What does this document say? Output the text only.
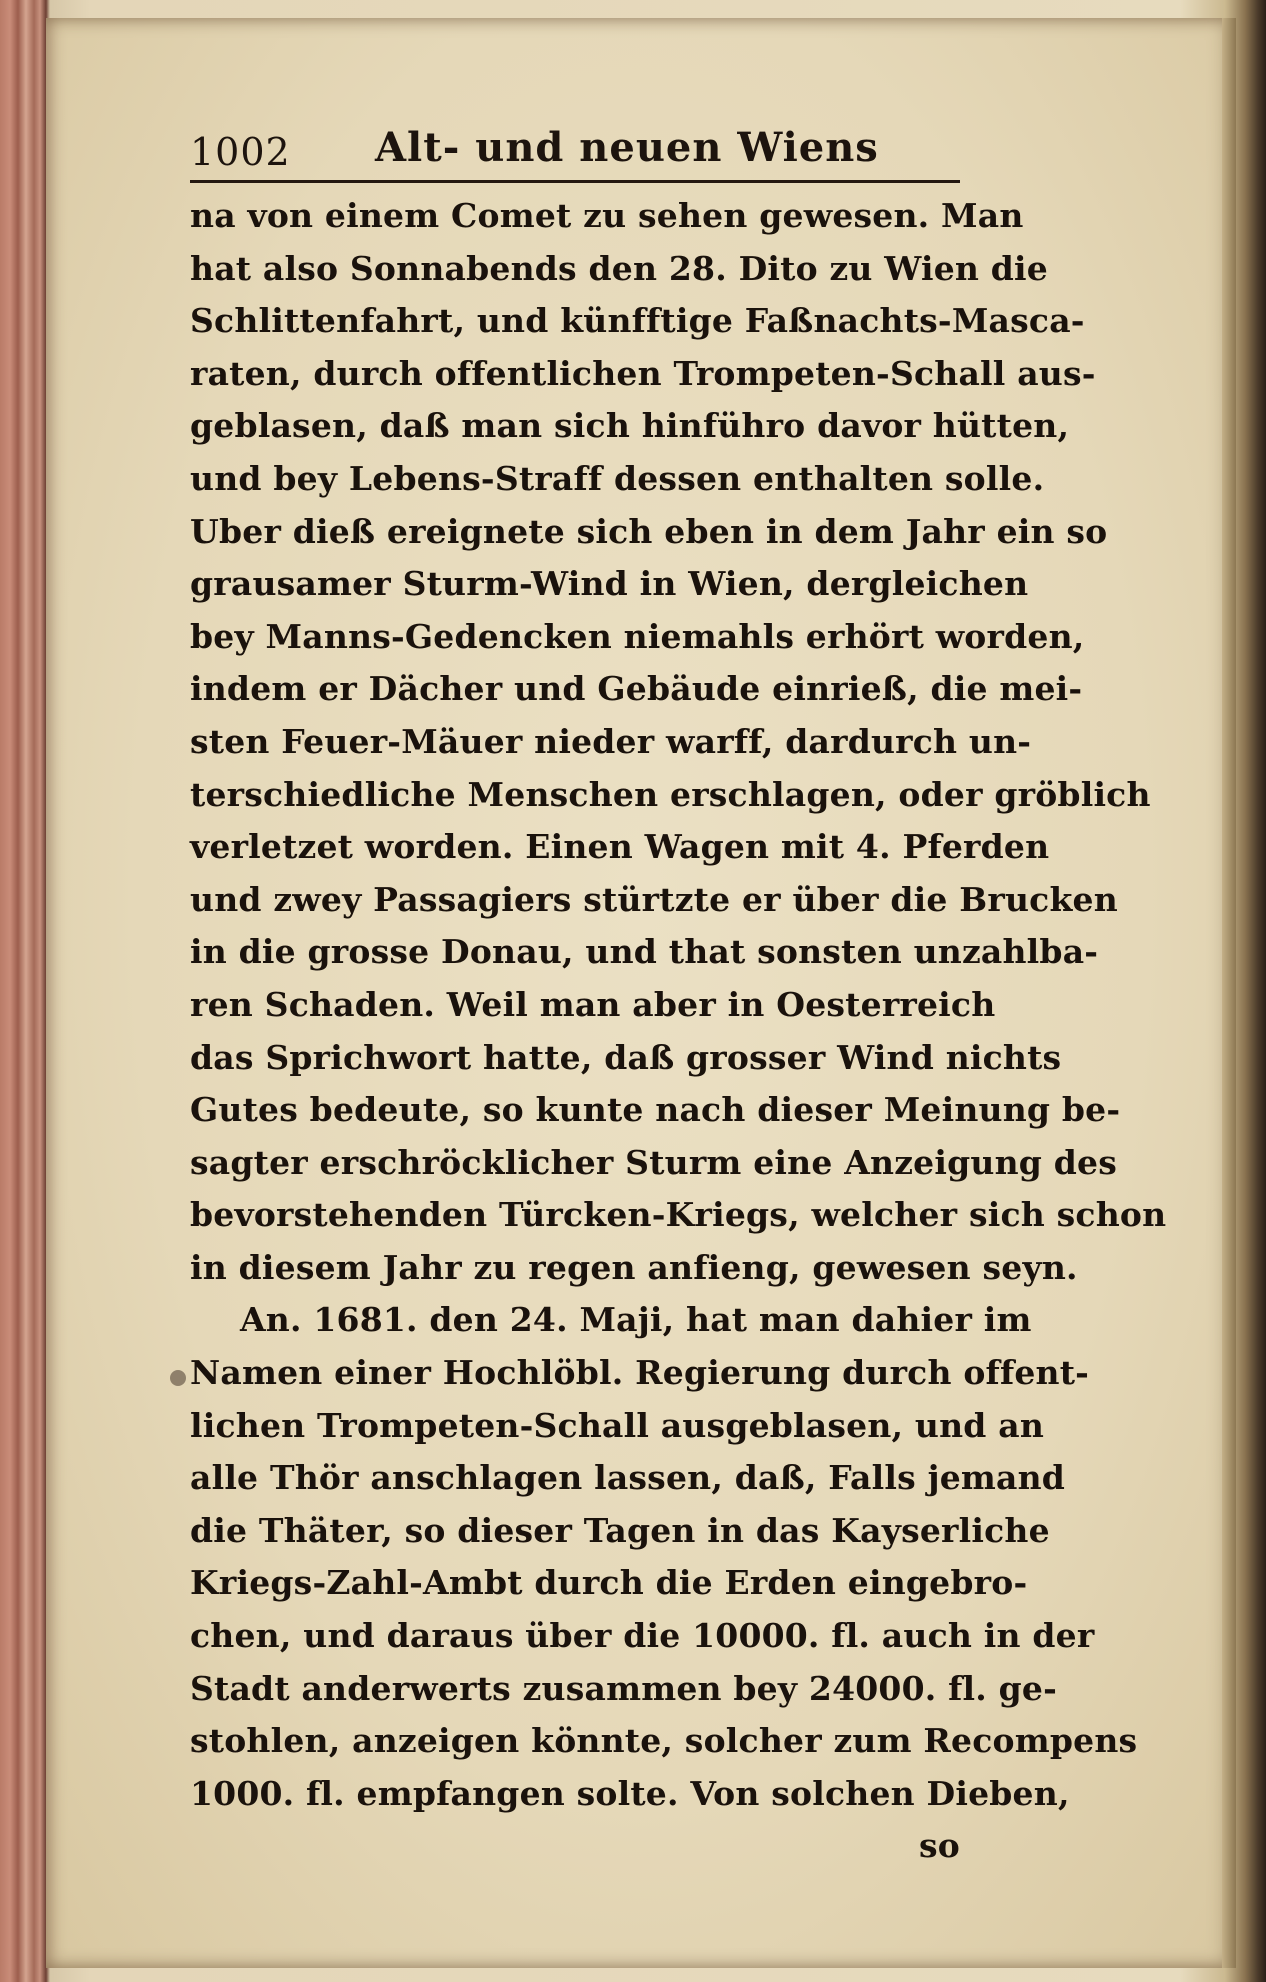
1002 Alt- und neuen Wiens
na von einem Comet zu sehen gewesen. Man
hat also Sonnabends den 28. Dito zu Wien die
Schlittenfahrt, und künfftige Faßnachts-Masca-
raten, durch offentlichen Trompeten-Schall aus-
geblasen, daß man sich hinführo davor hütten,
und bey Lebens-Straff dessen enthalten solle.
Uber dieß ereignete sich eben in dem Jahr ein so
grausamer Sturm-Wind in Wien, dergleichen
bey Manns-Gedencken niemahls erhört worden,
indem er Dächer und Gebäude einrieß, die mei-
sten Feuer-Mäuer nieder warff, dardurch un-
terschiedliche Menschen erschlagen, oder gröblich
verletzet worden. Einen Wagen mit 4. Pferden
und zwey Passagiers stürtzte er über die Brucken
in die grosse Donau, und that sonsten unzahlba-
ren Schaden. Weil man aber in Oesterreich
das Sprichwort hatte, daß grosser Wind nichts
Gutes bedeute, so kunte nach dieser Meinung be-
sagter erschröcklicher Sturm eine Anzeigung des
bevorstehenden Türcken-Kriegs, welcher sich schon
in diesem Jahr zu regen anfieng, gewesen seyn.
An. 1681. den 24. Maji, hat man dahier im
Namen einer Hochlöbl. Regierung durch offent-
lichen Trompeten-Schall ausgeblasen, und an
alle Thör anschlagen lassen, daß, Falls jemand
die Thäter, so dieser Tagen in das Kayserliche
Kriegs-Zahl-Ambt durch die Erden eingebro-
chen, und daraus über die 10000. fl. auch in der
Stadt anderwerts zusammen bey 24000. fl. ge-
stohlen, anzeigen könnte, solcher zum Recompens
1000. fl. empfangen solte. Von solchen Dieben,
so
